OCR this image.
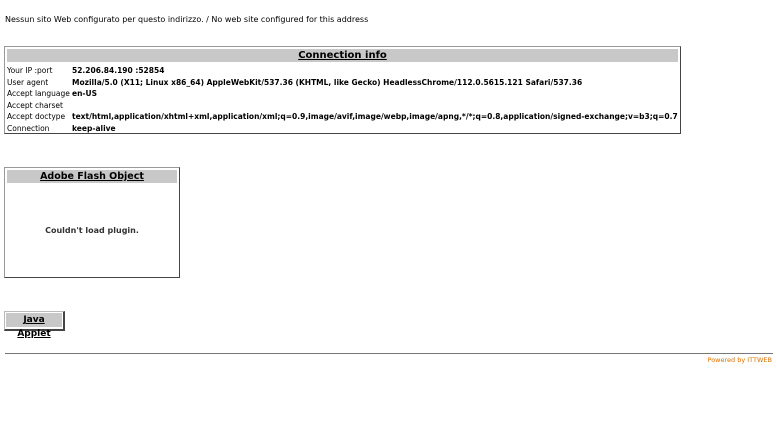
Nessun sito Web configurato per questo indirizzo. / No web site configured for this address
Connection info
Your IP :port	52.206.84.190 :52854
User agent	Mozilla/5.0 (X11; Linux x86_64) AppleWebKit/537.36 (KHTML, like Gecko) HeadlessChrome/112.0.5615.121 Safari/537.36
Accept language	en-US
Accept charset	
Accept doctype	text/html,application/xhtml+xml,application/xml;q=0.9,image/avif,image/webp,image/apng,*/*;q=0.8,application/signed-exchange;v=b3;q=0.7
Connection	keep-alive
Adobe Flash Object
Couldn't load plugin.
Java Applet
Powered by ITTWEB
